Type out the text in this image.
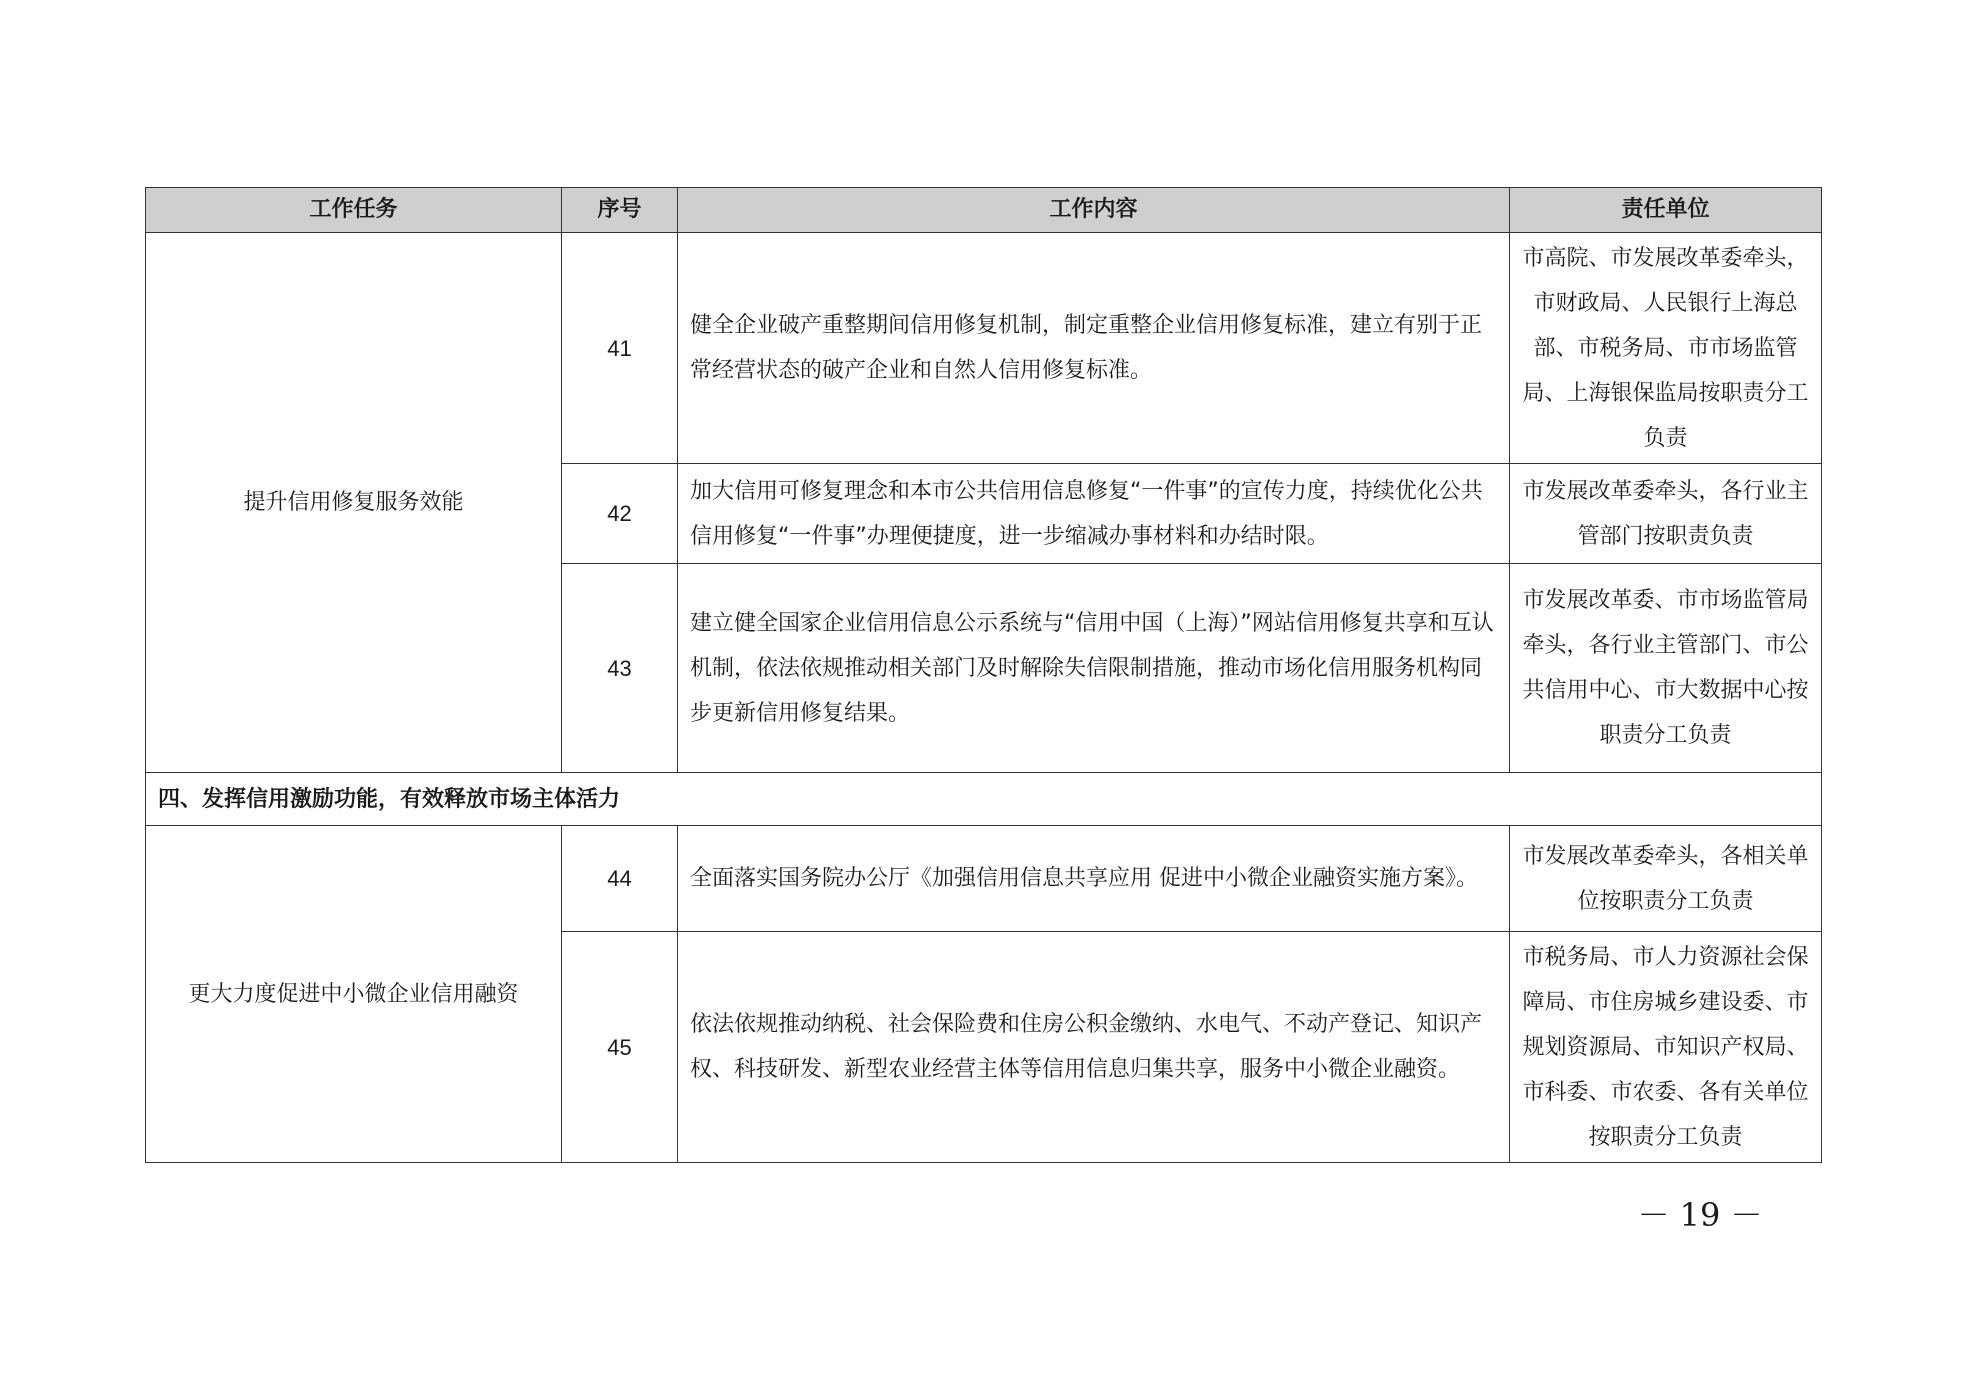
工作任务	序号	工作内容	责任单位
提升信用修复服务效能	41	健全企业破产重整期间信用修复机制，制定重整企业信用修复标准，建立有别于正常经营状态的破产企业和自然人信用修复标准。	市高院、市发展改革委牵头，市财政局、人民银行上海总部、市税务局、市市场监管局、上海银保监局按职责分工负责
	42	加大信用可修复理念和本市公共信用信息修复“一件事”的宣传力度，持续优化公共信用修复“一件事”办理便捷度，进一步缩减办事材料和办结时限。	市发展改革委牵头，各行业主管部门按职责负责
	43	建立健全国家企业信用信息公示系统与“信用中国（上海）”网站信用修复共享和互认机制，依法依规推动相关部门及时解除失信限制措施，推动市场化信用服务机构同步更新信用修复结果。	市发展改革委、市市场监管局牵头，各行业主管部门、市公共信用中心、市大数据中心按职责分工负责
四、发挥信用激励功能，有效释放市场主体活力			
更大力度促进中小微企业信用融资	44	全面落实国务院办公厅《加强信用信息共享应用 促进中小微企业融资实施方案》。	市发展改革委牵头，各相关单位按职责分工负责
	45	依法依规推动纳税、社会保险费和住房公积金缴纳、水电气、不动产登记、知识产权、科技研发、新型农业经营主体等信用信息归集共享，服务中小微企业融资。	市税务局、市人力资源社会保障局、市住房城乡建设委、市规划资源局、市知识产权局、市科委、市农委、各有关单位按职责分工负责
－ 19 －
